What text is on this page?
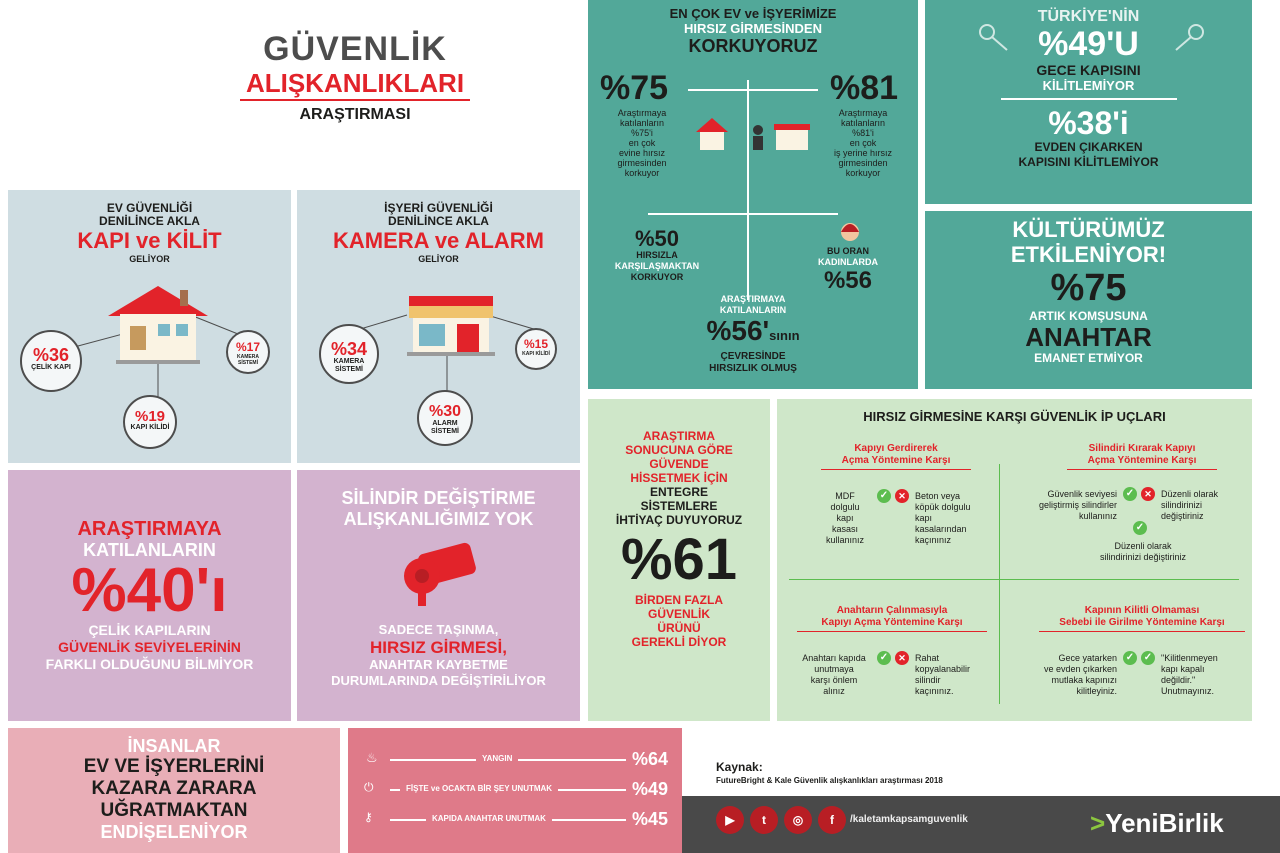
GÜVENLİK
ALIŞKANLIKLARI
ARAŞTIRMASI
EV GÜVENLİĞİ
DENİLİNCE AKLA
KAPI ve KİLİT
GELİYOR
%36
ÇELİK KAPI
%17
KAMERA SİSTEMİ
%19
KAPI KİLİDİ
İŞYERİ GÜVENLİĞİ
DENİLİNCE AKLA
KAMERA ve ALARM
GELİYOR
%34
KAMERA SİSTEMİ
%15
KAPI KİLİDİ
%30
ALARM SİSTEMİ
EN ÇOK EV ve İŞYERİMİZE
HIRSIZ GİRMESİNDEN
KORKUYORUZ
%75
Araştırmaya
katılanların
%75'i
en çok
evine hırsız
girmesinden
korkuyor
%81
Araştırmaya
katılanların
%81'i
en çok
iş yerine hırsız
girmesinden
korkuyor
%50
HIRSIZLA
KARŞILAŞMAKTAN
KORKUYOR
BU ORAN
KADINLARDA
%56
ARAŞTIRMAYA
KATILANLARIN
%56'sının
ÇEVRESİNDE
HIRSIZLIK OLMUŞ
TÜRKİYE'NİN
%49'U
GECE KAPISINI
KİLİTLEMİYOR
%38'i
EVDEN ÇIKARKEN
KAPISINI KİLİTLEMİYOR
KÜLTÜRÜMÜZ
ETKİLENİYOR!
%75
ARTIK KOMŞUSUNA
ANAHTAR
EMANET ETMİYOR
ARAŞTIRMAYA
KATILANLARIN
%40'ı
ÇELİK KAPILARIN
GÜVENLİK SEVİYELERİNİN
FARKLI OLDUĞUNU BİLMİYOR
SİLİNDİR DEĞİŞTİRME
ALIŞKANLIĞIMIZ YOK
SADECE TAŞINMA,
HIRSIZ GİRMESİ,
ANAHTAR KAYBETME
DURUMLARINDA DEĞİŞTİRİLİYOR
ARAŞTIRMA
SONUCUNA GÖRE
GÜVENDE
HİSSETMEK İÇİN
ENTEGRE
SİSTEMLERE
İHTİYAÇ DUYUYORUZ
%61
BİRDEN FAZLA
GÜVENLİK
ÜRÜNÜ
GEREKLİ DİYOR
HIRSIZ GİRMESİNE KARŞI GÜVENLİK İP UÇLARI
Kapıyı Gerdirerek
Açma Yöntemine Karşı
MDF
dolgulu
kapı
kasası
kullanınız
✓	✕	Beton veya
köpük dolgulu
kapı
kasalarından
kaçınınız
Silindiri Kırarak Kapıyı
Açma Yöntemine Karşı
Güvenlik seviyesi
geliştirmiş silindirler
kullanınız
✓	✕	Düzenli olarak
silindirinizi
değiştiriniz
✓
Düzenli olarak
silindirinizi değiştiriniz
Anahtarın Çalınmasıyla
Kapıyı Açma Yöntemine Karşı
Anahtarı kapıda
unutmaya
karşı önlem
alınız
✓	✕	Rahat
kopyalanabilir
silindir
kaçınınız.
Kapının Kilitli Olmaması
Sebebi ile Girilme Yöntemine Karşı
Gece yatarken
ve evden çıkarken
mutlaka kapınızı
kilitleyiniz.
✓ ✓ "Kilitlenmeyen
kapı kapalı
değildir."
Unutmayınız.
İNSANLAR
EV VE İŞYERLERİNİ
KAZARA ZARARA
UĞRATMAKTAN
ENDİŞELENİYOR
♨	YANGIN	%64
⏻	FİŞTE ve OCAKTA BİR ŞEY UNUTMAK	%49
⚷	KAPIDA ANAHTAR UNUTMAK	%45
Kaynak:
FutureBright & Kale Güvenlik alışkanlıkları araştırması 2018
▶	t	◎	f	/kaletamkapsamguvenlik	>YeniBirlik
